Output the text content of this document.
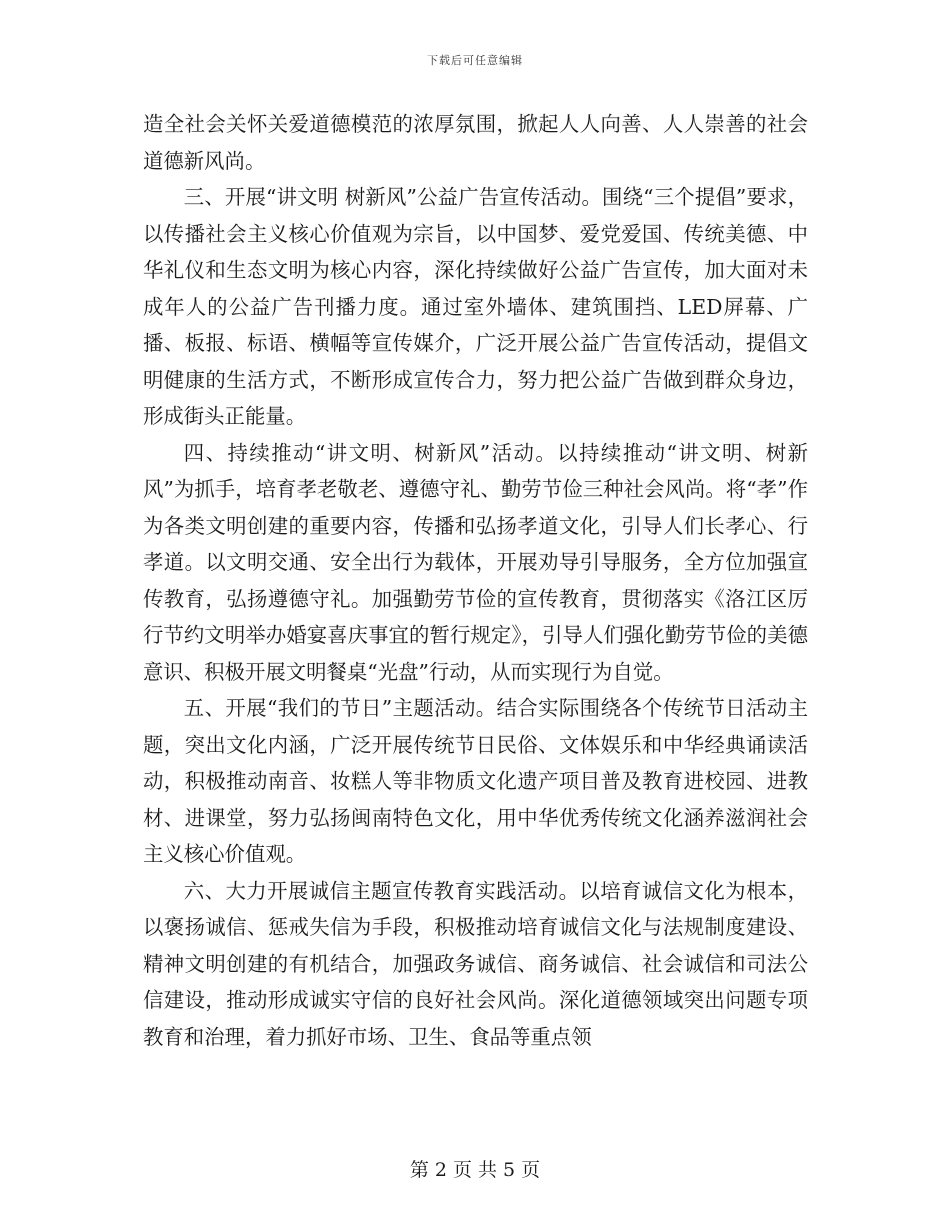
下载后可任意编辑

造全社会关怀关爱道德模范的浓厚氛围，掀起人人向善、人人崇善的社会道德新风尚。

三、开展“讲文明 树新风”公益广告宣传活动。围绕“三个提倡”要求，以传播社会主义核心价值观为宗旨，以中国梦、爱党爱国、传统美德、中华礼仪和生态文明为核心内容，深化持续做好公益广告宣传，加大面对未成年人的公益广告刊播力度。通过室外墙体、建筑围挡、LED屏幕、广播、板报、标语、横幅等宣传媒介，广泛开展公益广告宣传活动，提倡文明健康的生活方式，不断形成宣传合力，努力把公益广告做到群众身边，形成街头正能量。

四、持续推动“讲文明、树新风”活动。以持续推动“讲文明、树新风”为抓手，培育孝老敬老、遵德守礼、勤劳节俭三种社会风尚。将“孝”作为各类文明创建的重要内容，传播和弘扬孝道文化，引导人们长孝心、行孝道。以文明交通、安全出行为载体，开展劝导引导服务，全方位加强宣传教育，弘扬遵德守礼。加强勤劳节俭的宣传教育，贯彻落实《洛江区厉行节约文明举办婚宴喜庆事宜的暂行规定》，引导人们强化勤劳节俭的美德意识、积极开展文明餐桌“光盘”行动，从而实现行为自觉。

五、开展“我们的节日”主题活动。结合实际围绕各个传统节日活动主题，突出文化内涵，广泛开展传统节日民俗、文体娱乐和中华经典诵读活动，积极推动南音、妆糕人等非物质文化遗产项目普及教育进校园、进教材、进课堂，努力弘扬闽南特色文化，用中华优秀传统文化涵养滋润社会主义核心价值观。

六、大力开展诚信主题宣传教育实践活动。以培育诚信文化为根本，以褒扬诚信、惩戒失信为手段，积极推动培育诚信文化与法规制度建设、精神文明创建的有机结合，加强政务诚信、商务诚信、社会诚信和司法公信建设，推动形成诚实守信的良好社会风尚。深化道德领域突出问题专项教育和治理，着力抓好市场、卫生、食品等重点领

第 2 页 共 5 页
